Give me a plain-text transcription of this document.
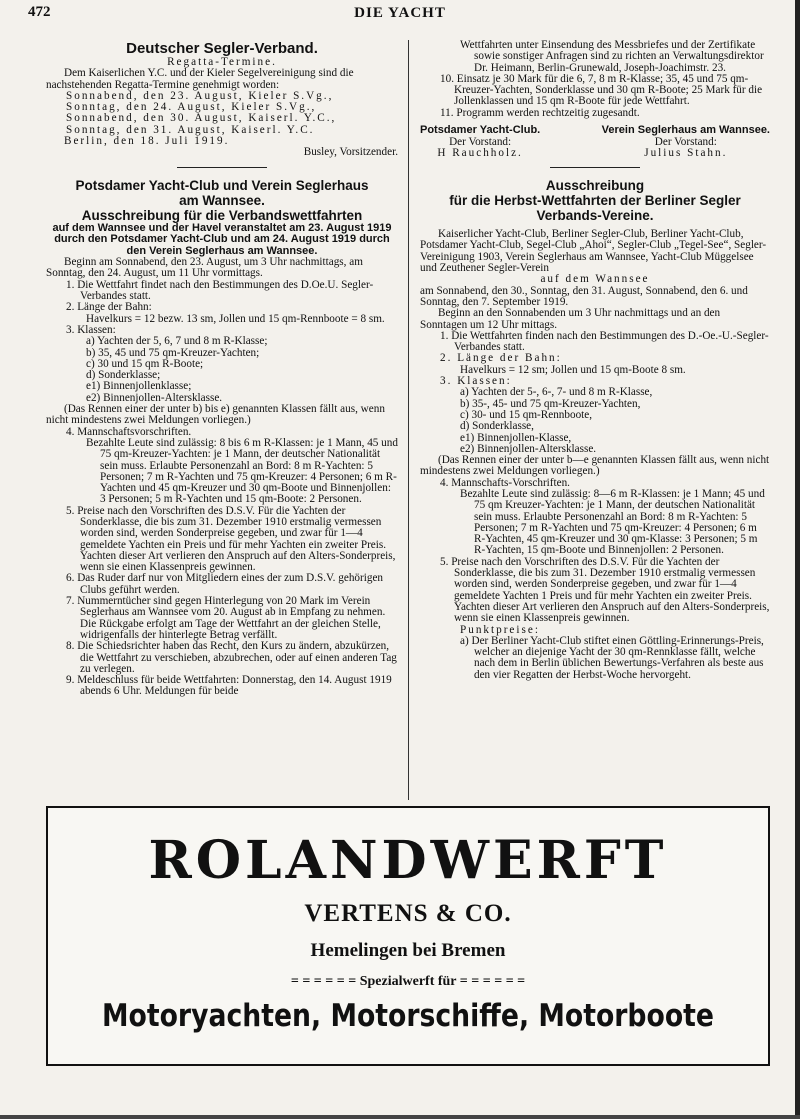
472	DIE YACHT
Deutscher Segler-Verband.
Regatta-Termine.
Dem Kaiserlichen Y.C. und der Kieler Segelvereinigung sind die nachstehenden Regatta-Termine genehmigt worden:
Sonnabend, den 23. August, Kieler S.Vg.,
Sonntag, den 24. August, Kieler S.Vg.,
Sonnabend, den 30. August, Kaiserl. Y.C.,
Sonntag, den 31. August, Kaiserl. Y.C.
Berlin, den 18. Juli 1919.
Busley, Vorsitzender.
Potsdamer Yacht-Club und Verein Seglerhaus
am Wannsee.
Ausschreibung für die Verbandswettfahrten
auf dem Wannsee und der Havel veranstaltet am 23. August 1919 durch den Potsdamer Yacht-Club und am 24. August 1919 durch den Verein Seglerhaus am Wannsee.
Beginn am Sonnabend, den 23. August, um 3 Uhr nachmittags, am Sonntag, den 24. August, um 11 Uhr vormittags.
1. Die Wettfahrt findet nach den Bestimmungen des D.Oe.U. Segler-Verbandes statt.
2. Länge der Bahn:
Havelkurs = 12 bezw. 13 sm, Jollen und 15 qm-Rennboote = 8 sm.
3. Klassen:
a) Yachten der 5, 6, 7 und 8 m R-Klasse;
b) 35, 45 und 75 qm-Kreuzer-Yachten;
c) 30 und 15 qm R-Boote;
d) Sonderklasse;
e1) Binnenjollenklasse;
e2) Binnenjollen-Altersklasse.
(Das Rennen einer der unter b) bis e) genannten Klassen fällt aus, wenn nicht mindestens zwei Meldungen vorliegen.)
4. Mannschaftsvorschriften.
Bezahlte Leute sind zulässig: 8 bis 6 m R-Klassen: je 1 Mann, 45 und 75 qm-Kreuzer-Yachten: je 1 Mann, der deutscher Nationalität sein muss. Erlaubte Personenzahl an Bord: 8 m R-Yachten: 5 Personen; 7 m R-Yachten und 75 qm-Kreuzer: 4 Personen; 6 m R-Yachten und 45 qm-Kreuzer und 30 qm-Boote und Binnenjollen: 3 Personen; 5 m R-Yachten und 15 qm-Boote: 2 Personen.
5. Preise nach den Vorschriften des D.S.V. Für die Yachten der Sonderklasse, die bis zum 31. Dezember 1910 erstmalig vermessen worden sind, werden Sonderpreise gegeben, und zwar für 1—4 gemeldete Yachten ein Preis und für mehr Yachten ein zweiter Preis. Yachten dieser Art verlieren den Anspruch auf den Alters-Sonderpreis, wenn sie einen Klassenpreis gewinnen.
6. Das Ruder darf nur von Mitgliedern eines der zum D.S.V. gehörigen Clubs geführt werden.
7. Nummerntücher sind gegen Hinterlegung von 20 Mark im Verein Seglerhaus am Wannsee vom 20. August ab in Empfang zu nehmen. Die Rückgabe erfolgt am Tage der Wettfahrt an der gleichen Stelle, widrigenfalls der hinterlegte Betrag verfällt.
8. Die Schiedsrichter haben das Recht, den Kurs zu ändern, abzukürzen, die Wettfahrt zu verschieben, abzubrechen, oder auf einen anderen Tag zu verlegen.
9. Meldeschluss für beide Wettfahrten: Donnerstag, den 14. August 1919 abends 6 Uhr. Meldungen für beide
Wettfahrten unter Einsendung des Messbriefes und der Zertifikate sowie sonstiger Anfragen sind zu richten an Verwaltungsdirektor Dr. Heimann, Berlin-Grunewald, Joseph-Joachimstr. 23.
10. Einsatz je 30 Mark für die 6, 7, 8 m R-Klasse; 35, 45 und 75 qm-Kreuzer-Yachten, Sonderklasse und 30 qm R-Boote; 25 Mark für die Jollenklassen und 15 qm R-Boote für jede Wettfahrt.
11. Programm werden rechtzeitig zugesandt.
Potsdamer Yacht-Club.
Der Vorstand:
H Rauchholz.
Verein Seglerhaus am Wannsee.
Der Vorstand:
Julius Stahn.
Ausschreibung
für die Herbst-Wettfahrten der Berliner Segler
Verbands-Vereine.
Kaiserlicher Yacht-Club, Berliner Segler-Club, Berliner Yacht-Club, Potsdamer Yacht-Club, Segel-Club „Ahoi“, Segler-Club „Tegel-See“, Segler-Vereinigung 1903, Verein Seglerhaus am Wannsee, Yacht-Club Müggelsee und Zeuthener Segler-Verein
auf dem Wannsee
am Sonnabend, den 30., Sonntag, den 31. August, Sonnabend, den 6. und Sonntag, den 7. September 1919.
Beginn an den Sonnabenden um 3 Uhr nachmittags und an den Sonntagen um 12 Uhr mittags.
1. Die Wettfahrten finden nach den Bestimmungen des D.-Oe.-U.-Segler-Verbandes statt.
2. Länge der Bahn:
Havelkurs = 12 sm; Jollen und 15 qm-Boote 8 sm.
3. Klassen:
a) Yachten der 5-, 6-, 7- und 8 m R-Klasse,
b) 35-, 45- und 75 qm-Kreuzer-Yachten,
c) 30- und 15 qm-Rennboote,
d) Sonderklasse,
e1) Binnenjollen-Klasse,
e2) Binnenjollen-Altersklasse.
(Das Rennen einer der unter b—e genannten Klassen fällt aus, wenn nicht mindestens zwei Meldungen vorliegen.)
4. Mannschafts-Vorschriften.
Bezahlte Leute sind zulässig: 8—6 m R-Klassen: je 1 Mann; 45 und 75 qm Kreuzer-Yachten: je 1 Mann, der deutschen Nationalität sein muss. Erlaubte Personenzahl an Bord: 8 m R-Yachten: 5 Personen; 7 m R-Yachten und 75 qm-Kreuzer: 4 Personen; 6 m R-Yachten, 45 qm-Kreuzer und 30 qm-Klasse: 3 Personen; 5 m R-Yachten, 15 qm-Boote und Binnenjollen: 2 Personen.
5. Preise nach den Vorschriften des D.S.V. Für die Yachten der Sonderklasse, die bis zum 31. Dezember 1910 erstmalig vermessen worden sind, werden Sonderpreise gegeben, und zwar für 1—4 gemeldete Yachten 1 Preis und für mehr Yachten ein zweiter Preis. Yachten dieser Art verlieren den Anspruch auf den Alters-Sonderpreis, wenn sie einen Klassenpreis gewinnen.
Punktpreise:
a) Der Berliner Yacht-Club stiftet einen Göttling-Erinnerungs-Preis, welcher an diejenige Yacht der 30 qm-Rennklasse fällt, welche nach dem in Berlin üblichen Bewertungs-Verfahren als beste aus den vier Regatten der Herbst-Woche hervorgeht.
ROLANDWERFT
VERTENS & CO.
Hemelingen bei Bremen
= = = = = = Spezialwerft für = = = = = =
Motoryachten, Motorschiffe, Motorboote
